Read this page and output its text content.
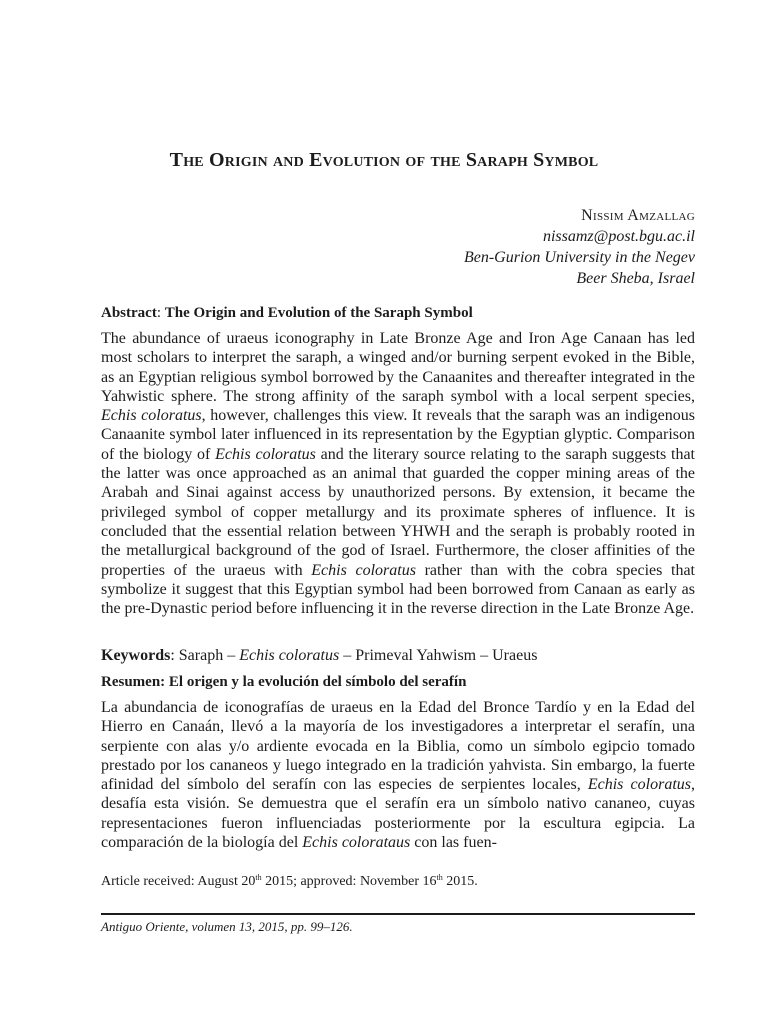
The Origin and Evolution of the Saraph Symbol
Nissim Amzallag
nissamz@post.bgu.ac.il
Ben-Gurion University in the Negev
Beer Sheba, Israel
Abstract: The Origin and Evolution of the Saraph Symbol

The abundance of uraeus iconography in Late Bronze Age and Iron Age Canaan has led most scholars to interpret the saraph, a winged and/or burning serpent evoked in the Bible, as an Egyptian religious symbol borrowed by the Canaanites and thereafter integrated in the Yahwistic sphere. The strong affinity of the saraph symbol with a local serpent species, Echis coloratus, however, challenges this view. It reveals that the saraph was an indigenous Canaanite symbol later influenced in its representation by the Egyptian glyptic. Comparison of the biology of Echis coloratus and the literary source relating to the saraph suggests that the latter was once approached as an animal that guarded the copper mining areas of the Arabah and Sinai against access by unauthorized persons. By extension, it became the privileged symbol of copper metallurgy and its proximate spheres of influence. It is concluded that the essential relation between YHWH and the seraph is probably rooted in the metallurgical background of the god of Israel. Furthermore, the closer affinities of the properties of the uraeus with Echis coloratus rather than with the cobra species that symbolize it suggest that this Egyptian symbol had been borrowed from Canaan as early as the pre-Dynastic period before influencing it in the reverse direction in the Late Bronze Age.

Keywords: Saraph – Echis coloratus – Primeval Yahwism – Uraeus
Resumen: El origen y la evolución del símbolo del serafín

La abundancia de iconografías de uraeus en la Edad del Bronce Tardío y en la Edad del Hierro en Canaán, llevó a la mayoría de los investigadores a interpretar el serafín, una serpiente con alas y/o ardiente evocada en la Biblia, como un símbolo egipcio tomado prestado por los cananeos y luego integrado en la tradición yahvista. Sin embargo, la fuerte afinidad del símbolo del serafín con las especies de serpientes locales, Echis coloratus, desafía esta visión. Se demuestra que el serafín era un símbolo nativo cananeo, cuyas representaciones fueron influenciadas posteriormente por la escultura egipcia. La comparación de la biología del Echis colorataus con las fuen-

Article received: August 20th 2015; approved: November 16th 2015.
Antiguo Oriente, volumen 13, 2015, pp. 99–126.
